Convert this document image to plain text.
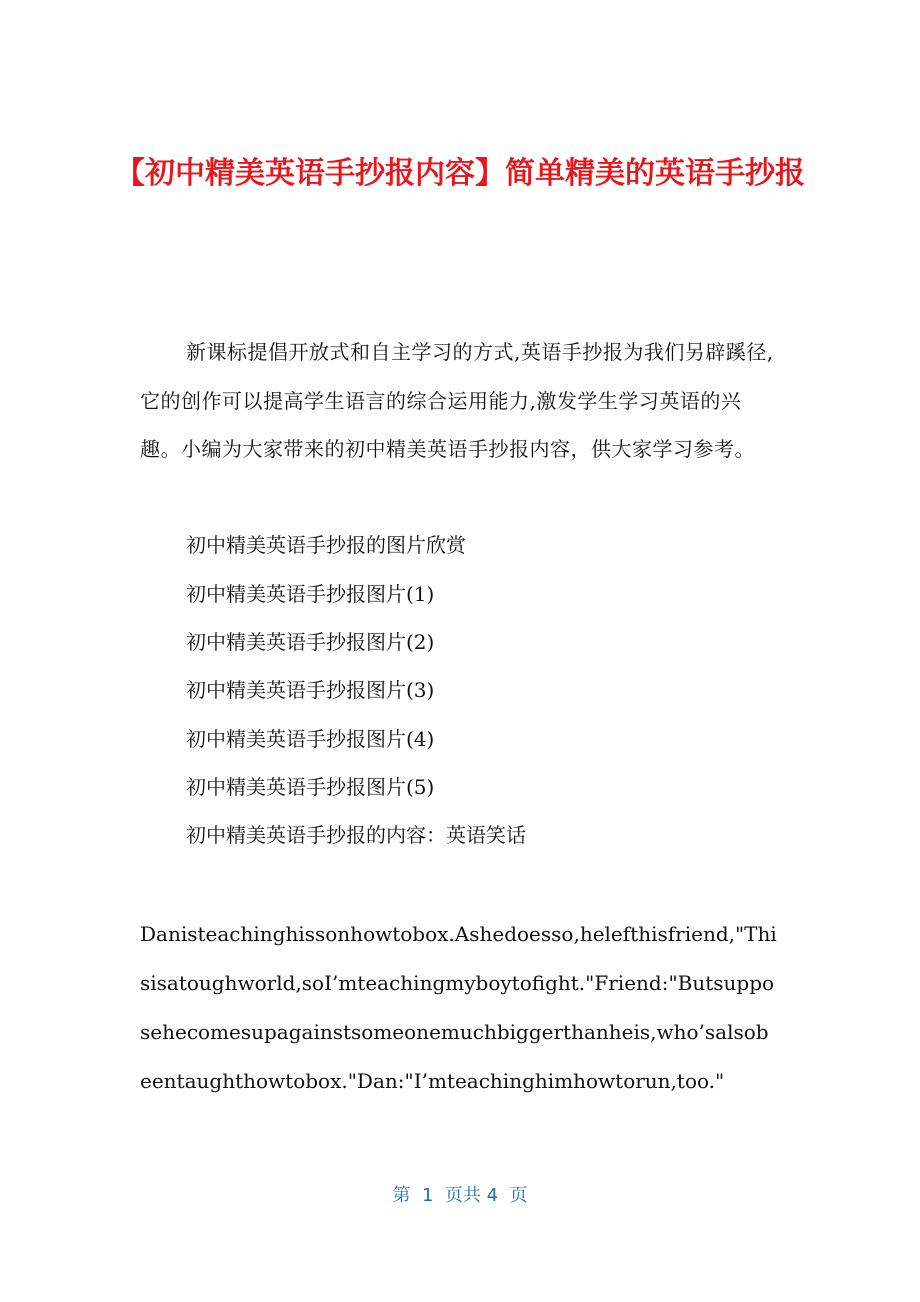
【初中精美英语手抄报内容】简单精美的英语手抄报

新课标提倡开放式和自主学习的方式,英语手抄报为我们另辟蹊径,它的创作可以提高学生语言的综合运用能力,激发学生学习英语的兴趣。小编为大家带来的初中精美英语手抄报内容，供大家学习参考。

初中精美英语手抄报的图片欣赏

初中精美英语手抄报图片(1)

初中精美英语手抄报图片(2)

初中精美英语手抄报图片(3)

初中精美英语手抄报图片(4)

初中精美英语手抄报图片(5)

初中精美英语手抄报的内容：英语笑话

Danisteachinghissonhowtobox.Ashedoesso,helefthisfriend,"Thisisatoughworld,soI’mteachingmyboytofight."Friend:"Butsupposehecomesupagainstsomeonemuchbiggerthanheis,who’salsobeentaughthowtobox."Dan:"I’mteachinghimhowtorun,too."

第  1  页共 4  页
